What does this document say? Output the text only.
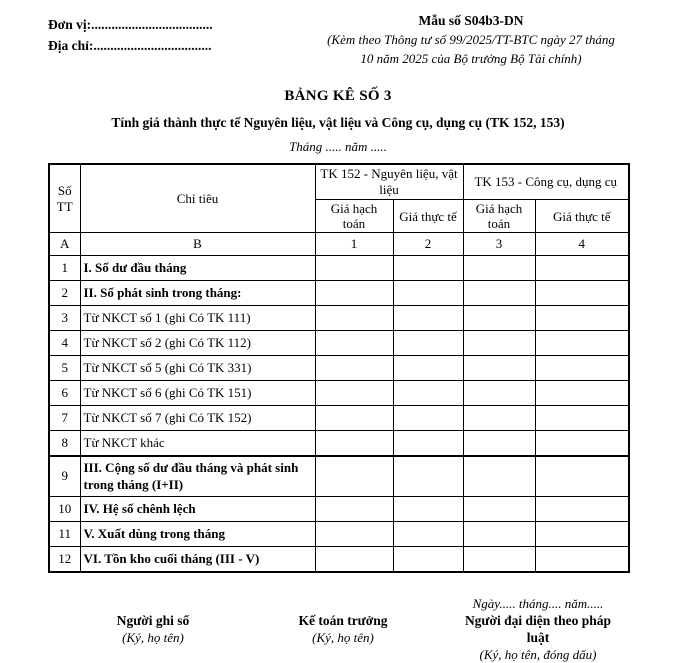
Đơn vị:....................................
Địa chỉ:...................................
Mẫu số S04b3-DN
(Kèm theo Thông tư số 99/2025/TT-BTC ngày 27 tháng
10 năm 2025 của Bộ trưởng Bộ Tài chính)
BẢNG KÊ SỐ 3
Tính giá thành thực tế Nguyên liệu, vật liệu và Công cụ, dụng cụ (TK 152, 153)
Tháng ..... năm .....
Số
TT	Chỉ tiêu	TK 152 - Nguyên liệu, vật liệu		TK 153 - Công cụ, dụng cụ	
		Giá hạch toán	Giá thực tế	Giá hạch toán	Giá thực tế
A	B	1	2	3	4
1	I. Số dư đầu tháng				
2	II. Số phát sinh trong tháng:				
3	Từ NKCT số 1 (ghi Có TK 111)				
4	Từ NKCT số 2 (ghi Có TK 112)				
5	Từ NKCT số 5 (ghi Có TK 331)				
6	Từ NKCT số 6 (ghi Có TK 151)				
7	Từ NKCT số 7 (ghi Có TK 152)				
8	Từ NKCT khác				
9	III. Cộng số dư đầu tháng và phát sinh trong tháng (I+II)				
10	IV. Hệ số chênh lệch				
11	V. Xuất dùng trong tháng				
12	VI. Tồn kho cuối tháng (III - V)				
Người ghi sổ
(Ký, họ tên)
Kế toán trưởng
(Ký, họ tên)
Ngày..... tháng.... năm.....
Người đại diện theo pháp
luật
(Ký, họ tên, đóng dấu)
